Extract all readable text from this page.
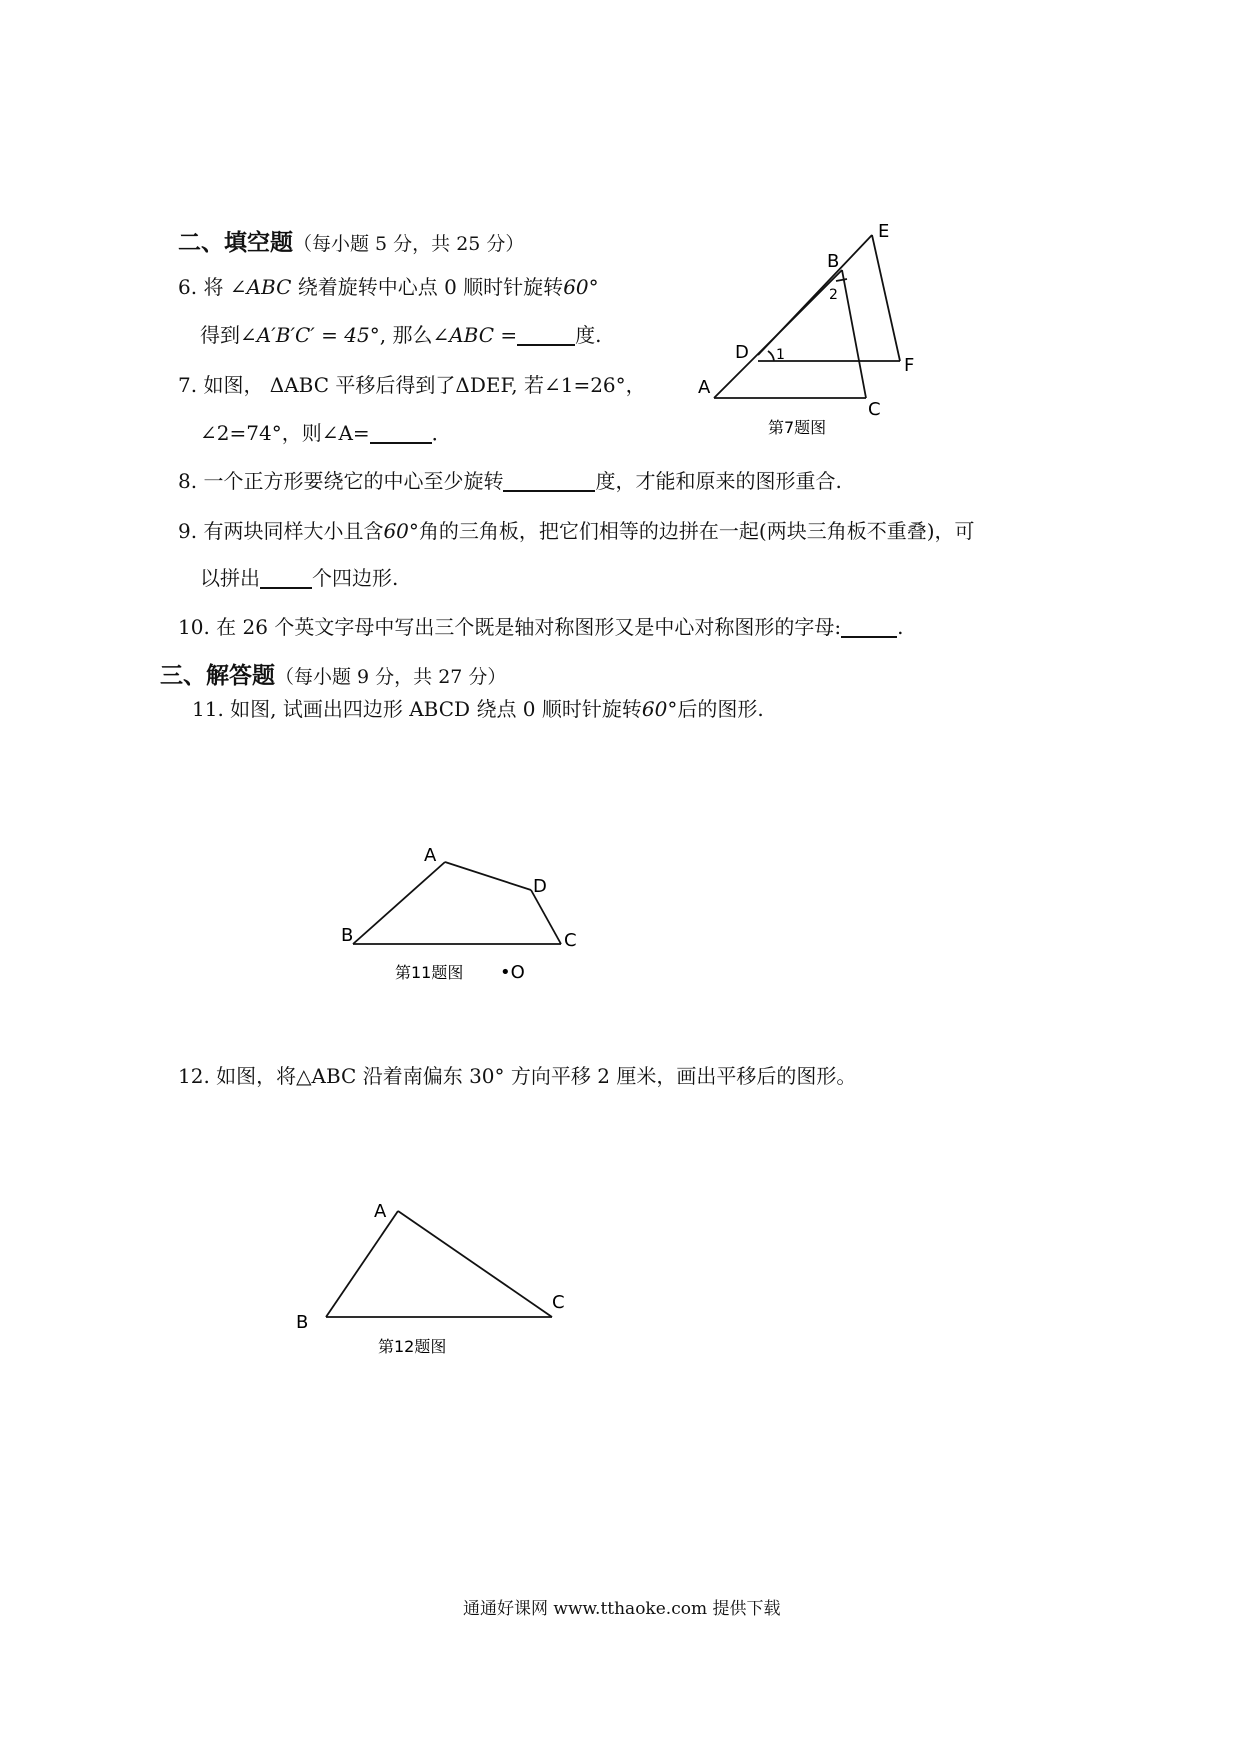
二、填空题（每小题 5 分，共 25 分）
6. 将 ∠ABC 绕着旋转中心点 0 顺时针旋转60°
得到∠A′B′C′ = 45°, 那么∠ABC =	度.
7. 如图， ΔABC 平移后得到了ΔDEF, 若∠1=26°，
∠2=74°，则∠A=	．
8. 一个正方形要绕它的中心至少旋转	度，才能和原来的图形重合.
9. 有两块同样大小且含60°角的三角板，把它们相等的边拼在一起(两块三角板不重叠)，可
以拼出	个四边形.
10. 在 26 个英文字母中写出三个既是轴对称图形又是中心对称图形的字母:	.
三、解答题（每小题 9 分，共 27 分）
11. 如图, 试画出四边形 ABCD 绕点 0 顺时针旋转60°后的图形.
12. 如图，将△ABC 沿着南偏东 30° 方向平移 2 厘米，画出平移后的图形。
A
B
C
D
E
F
1
2
第7题图
A
B	C
D
第11题图 •O
A
B
C
第12题图
通通好课网 www.tthaoke.com 提供下载
